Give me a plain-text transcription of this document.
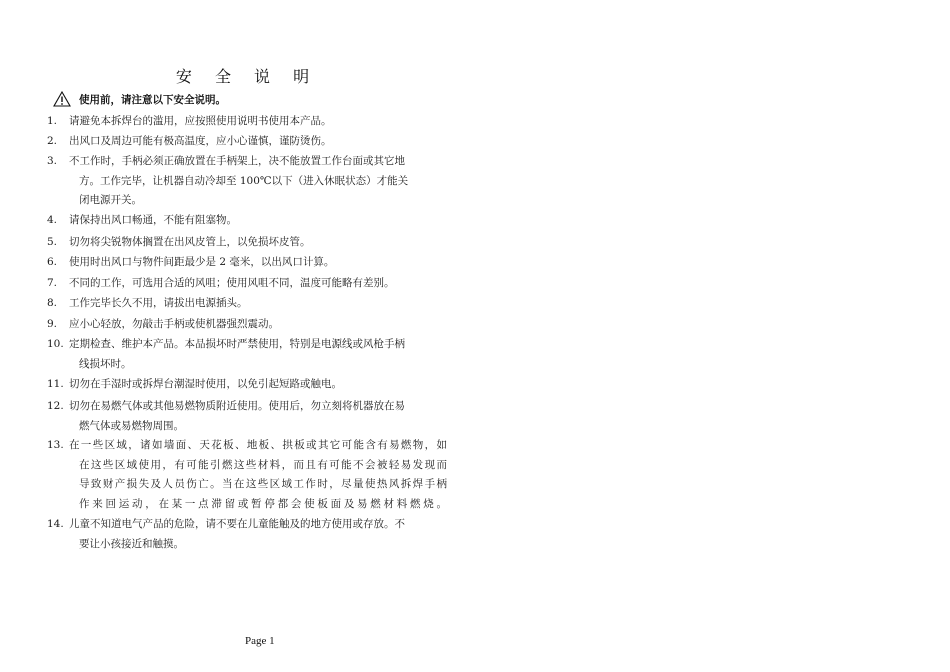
安 全 说 明
使用前，请注意以下安全说明。
1.	请避免本拆焊台的滥用，应按照使用说明书使用本产品。
2.	出风口及周边可能有极高温度，应小心谨慎，谨防烫伤。
3.	不工作时，手柄必须正确放置在手柄架上，决不能放置工作台面或其它地
方。工作完毕，让机器自动冷却至 100℃以下（进入休眠状态）才能关
闭电源开关。
4.	请保持出风口畅通，不能有阻塞物。
5.	切勿将尖锐物体搁置在出风皮管上，以免损坏皮管。
6.	使用时出风口与物件间距最少是 2 毫米，以出风口计算。
7.	不同的工作，可选用合适的风咀；使用风咀不同，温度可能略有差别。
8.	工作完毕长久不用，请拔出电源插头。
9.	应小心轻放，勿敲击手柄或使机器强烈震动。
10. 定期检查、维护本产品。本品损坏时严禁使用，特别是电源线或风枪手柄
线损坏时。
11. 切勿在手湿时或拆焊台潮湿时使用，以免引起短路或触电。
12. 切勿在易燃气体或其他易燃物质附近使用。使用后，勿立刻将机器放在易
燃气体或易燃物周围。
13. 在一些区域，诸如墙面、天花板、地板、拱板或其它可能含有易燃物，如
在这些区域使用，有可能引燃这些材料，而且有可能不会被轻易发现而
导致财产损失及人员伤亡。当在这些区域工作时，尽量使热风拆焊手柄
作来回运动，在某一点滞留或暂停都会使板面及易燃材料燃烧。
14. 儿童不知道电气产品的危险，请不要在儿童能触及的地方使用或存放。不
要让小孩接近和触摸。
Page 1
